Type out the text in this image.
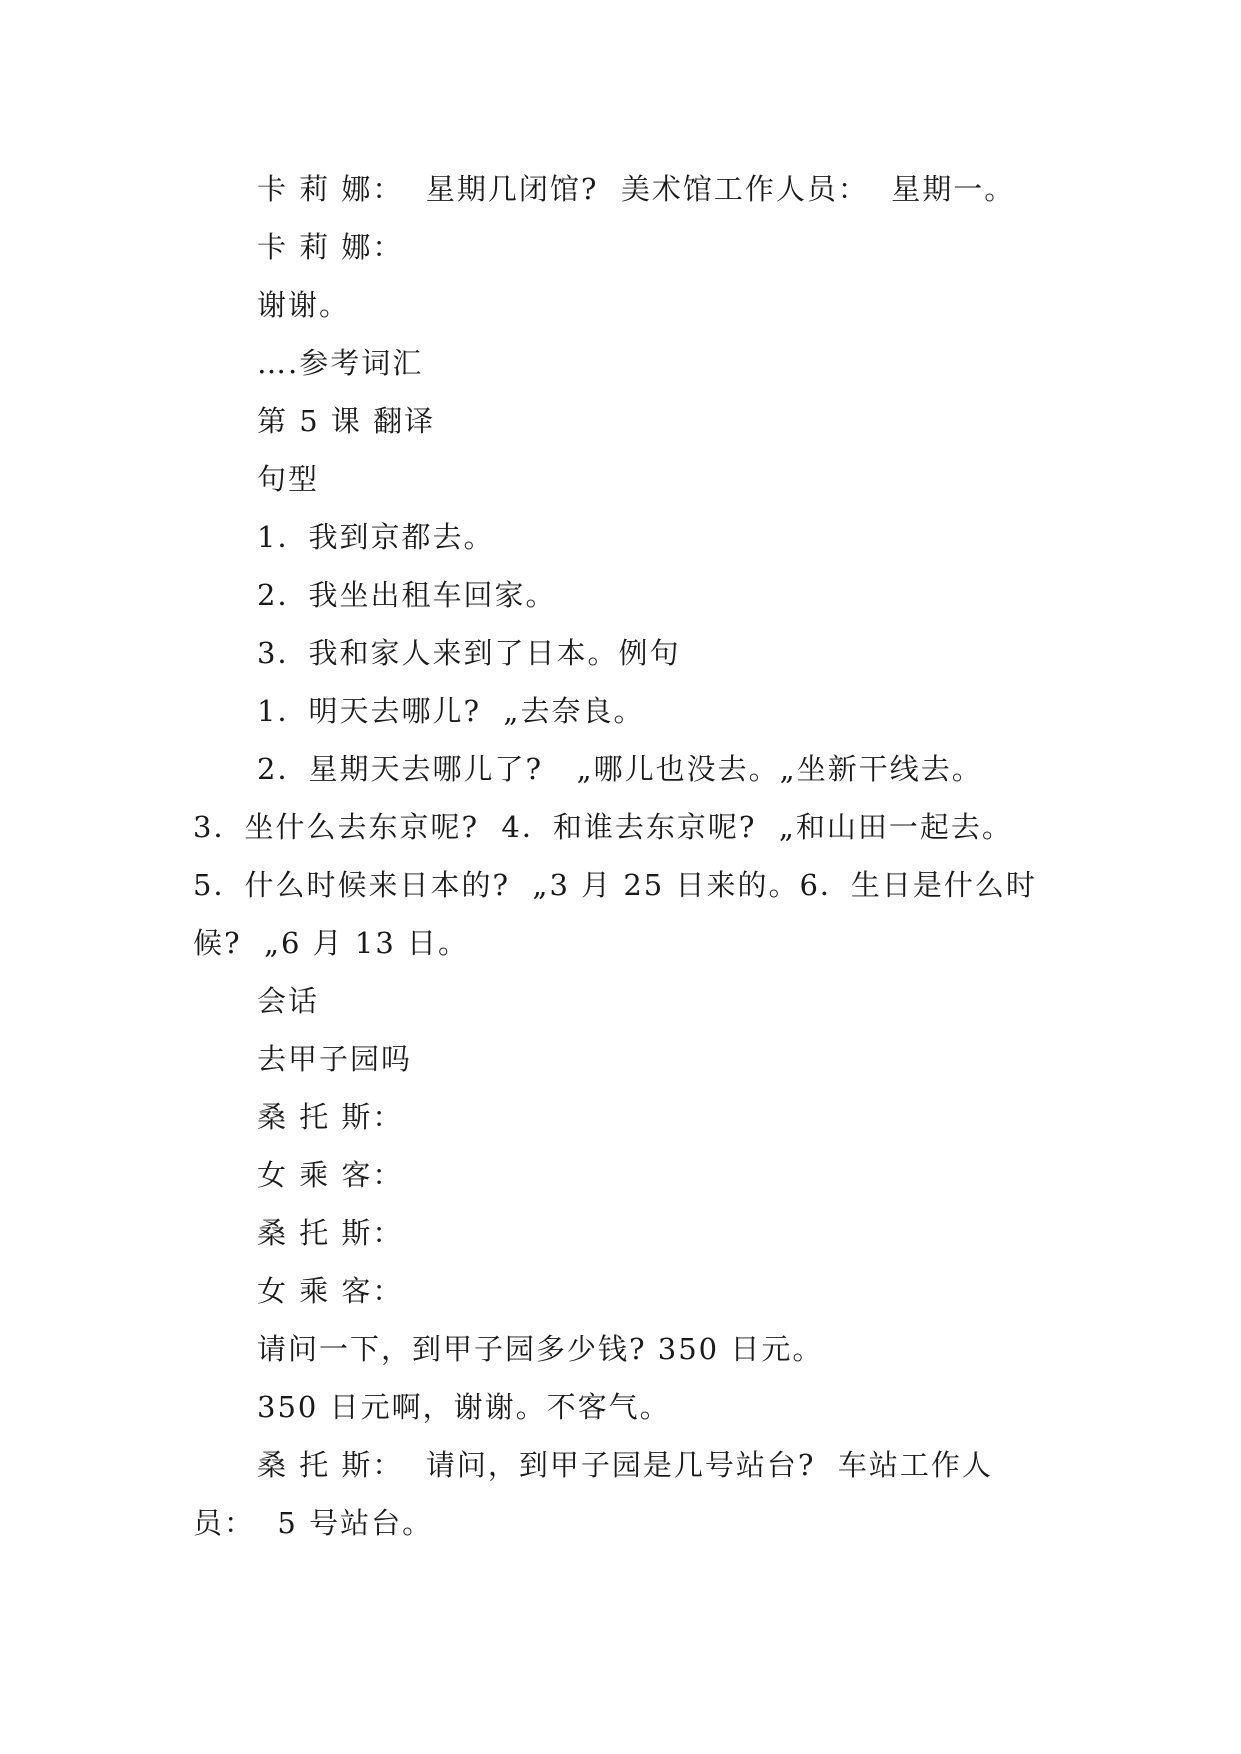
卡 莉 娜：  星期几闭馆?  美术馆工作人员：  星期一。
卡 莉 娜：
谢谢。
….参考词汇
第 5 课 翻译
句型
1．我到京都去。
2．我坐出租车回家。
3．我和家人来到了日本。例句
1．明天去哪儿?  „去奈良。
2．星期天去哪儿了?   „哪儿也没去。„坐新干线去。
3．坐什么去东京呢?  4．和谁去东京呢?  „和山田一起去。
5．什么时候来日本的?  „3 月 25 日来的。6．生日是什么时
候?  „6 月 13 日。
会话
去甲子园吗
桑 托 斯：
女 乘 客：
桑 托 斯：
女 乘 客：
请问一下，到甲子园多少钱? 350 日元。
350 日元啊，谢谢。不客气。
桑 托 斯：  请问，到甲子园是几号站台?  车站工作人
员：  5 号站台。
